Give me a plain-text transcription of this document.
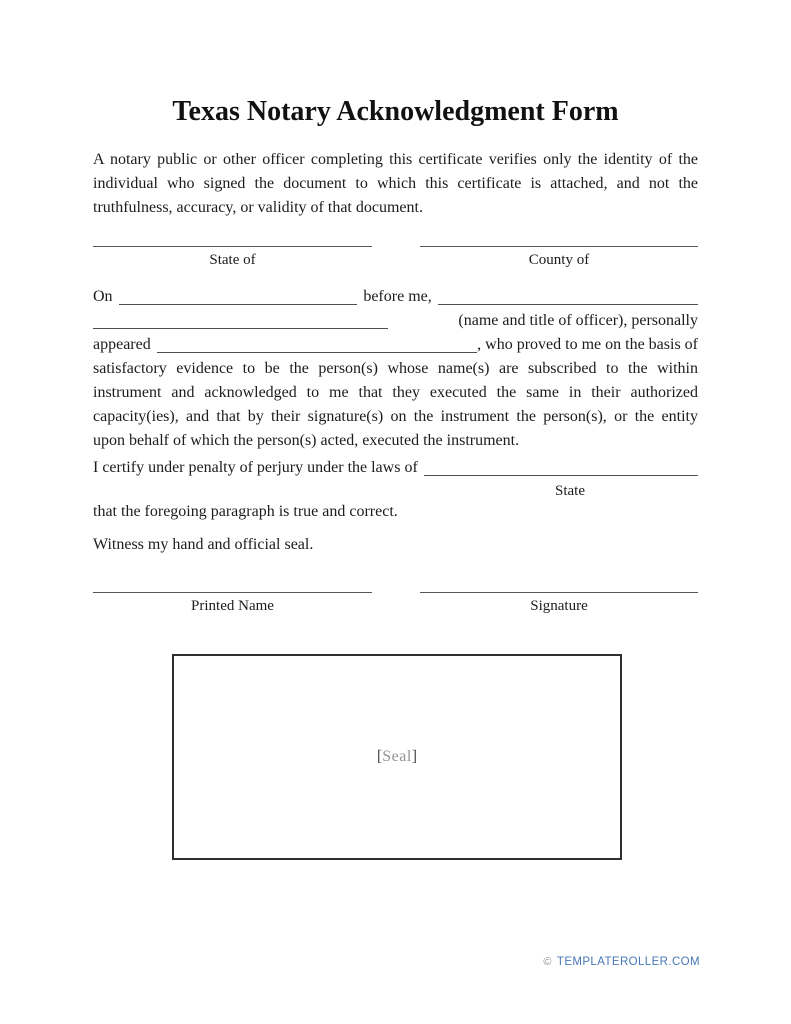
Texas Notary Acknowledgment Form
A notary public or other officer completing this certificate verifies only the identity of the
individual who signed the document to which this certificate is attached, and not the
truthfulness, accuracy, or validity of that document.
State of	County of
On	before me,
(name and title of officer), personally
appeared	, who proved to me on the basis of
satisfactory evidence to be the person(s) whose name(s) are subscribed to the within
instrument and acknowledged to me that they executed the same in their authorized
capacity(ies), and that by their signature(s) on the instrument the person(s), or the entity
upon behalf of which the person(s) acted, executed the instrument.
I certify under penalty of perjury under the laws of
State
that the foregoing paragraph is true and correct.
Witness my hand and official seal.
Printed Name	Signature
[ Seal ]
© TEMPLATEROLLER.COM
